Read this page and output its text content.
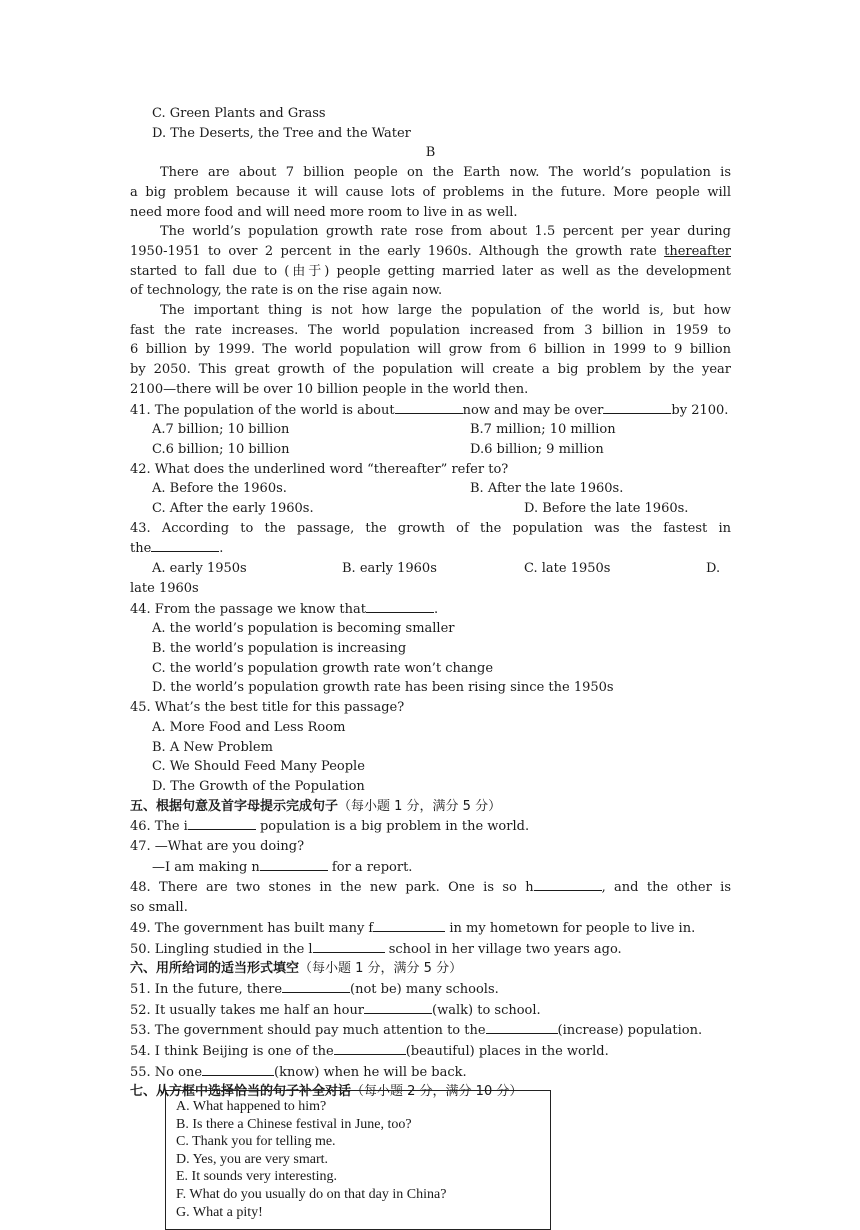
C. Green Plants and Grass
D. The Deserts, the Tree and the Water
B
There are about 7 billion people on the Earth now. The world’s population is
a big problem because it will cause lots of problems in the future. More people will
need more food and will need more room to live in as well.
The world’s population growth rate rose from about 1.5 percent per year during
1950-1951 to over 2 percent in the early 1960s. Although the growth rate thereafter
started to fall due to (由于) people getting married later as well as the development
of technology, the rate is on the rise again now.
The important thing is not how large the population of the world is, but how
fast the rate increases. The world population increased from 3 billion in 1959 to
6 billion by 1999. The world population will grow from 6 billion in 1999 to 9 billion
by 2050. This great growth of the population will create a big problem by the year
2100—there will be over 10 billion people in the world then.
41. The population of the world is about	now and may be over	by 2100.
A.7 billion; 10 billion	B.7 million; 10 million
C.6 billion; 10 billion	D.6 billion; 9 million
42. What does the underlined word “thereafter” refer to?
A. Before the 1960s.	B. After the late 1960s.
C. After the early 1960s.	D. Before the late 1960s.
43. According to the passage, the growth of the population was the fastest in
the	.
A. early 1950s	B. early 1960s	C. late 1950s	D.
late 1960s
44. From the passage we know that	.
A. the world’s population is becoming smaller
B. the world’s population is increasing
C. the world’s population growth rate won’t change
D. the world’s population growth rate has been rising since the 1950s
45. What’s the best title for this passage?
A. More Food and Less Room
B. A New Problem
C. We Should Feed Many People
D. The Growth of the Population
五、根据句意及首字母提示完成句子（每小题 1 分，满分 5 分）
46. The i	population is a big problem in the world.
47. —What are you doing?
—I am making n	for a report.
48. There are two stones in the new park. One is so h	, and the other is
so small.
49. The government has built many f	in my hometown for people to live in.
50. Lingling studied in the l	school in her village two years ago.
六、用所给词的适当形式填空（每小题 1 分，满分 5 分）
51. In the future, there	(not be) many schools.
52. It usually takes me half an hour	(walk) to school.
53. The government should pay much attention to the	(increase) population.
54. I think Beijing is one of the	(beautiful) places in the world.
55. No one	(know) when he will be back.
七、从方框中选择恰当的句子补全对话（每小题 2 分，满分 10 分）
A. What happened to him?
B. Is there a Chinese festival in June, too?
C. Thank you for telling me.
D. Yes, you are very smart.
E. It sounds very interesting.
F. What do you usually do on that day in China?
G. What a pity!
